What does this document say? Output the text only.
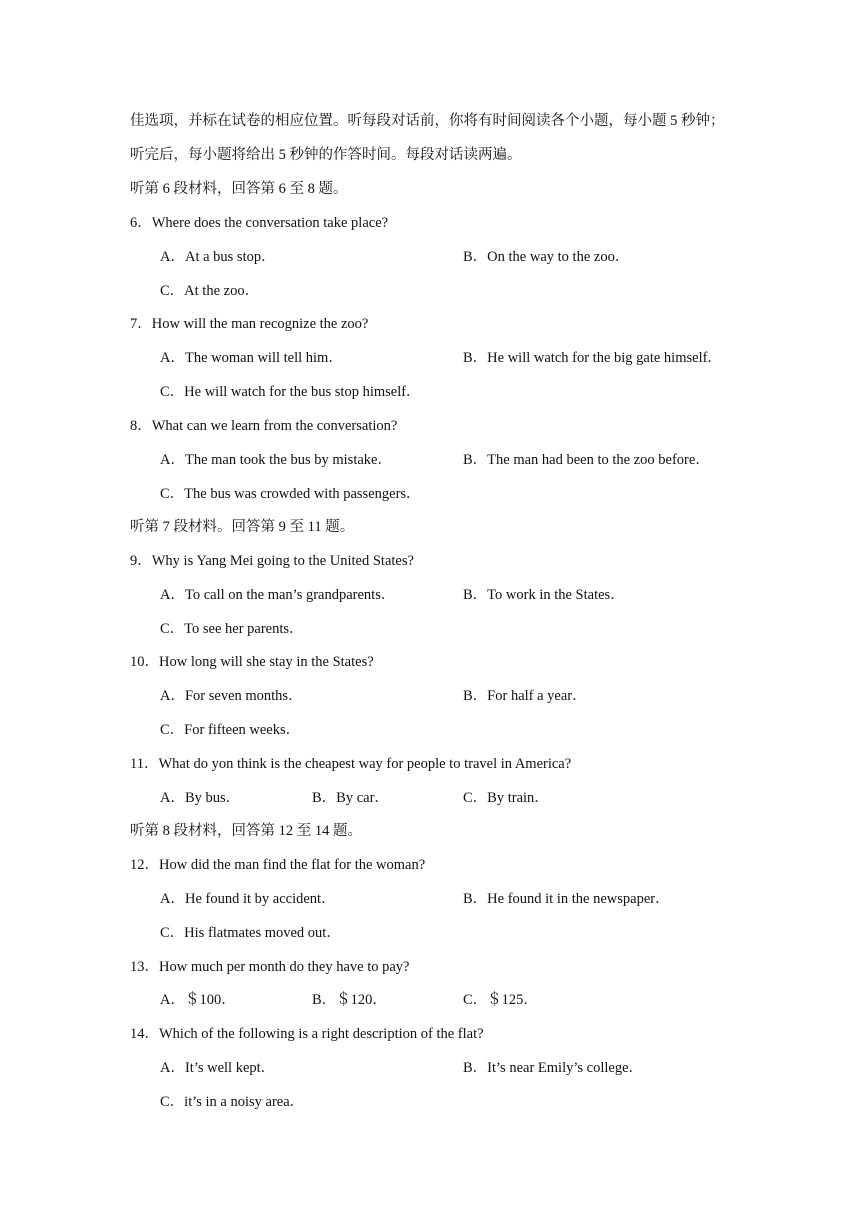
佳选项，并标在试卷的相应位置。听每段对话前，你将有时间阅读各个小题，每小题 5 秒钟；
听完后，每小题将给出 5 秒钟的作答时间。每段对话读两遍。
听第 6 段材料，回答第 6 至 8 题。
6．Where does the conversation take place?
A．At a bus stop．	B．On the way to the zoo．
C．At the zoo．
7．How will the man recognize the zoo?
A．The woman will tell him．	B．He will watch for the big gate himself．
C．He will watch for the bus stop himself．
8．What can we learn from the conversation?
A．The man took the bus by mistake．	B．The man had been to the zoo before．
C．The bus was crowded with passengers．
听第 7 段材料。回答第 9 至 11 题。
9．Why is Yang Mei going to the United States?
A．To call on the man’s grandparents．	B．To work in the States．
C．To see her parents．
10．How long will she stay in the States?
A．For seven months．	B．For half a year．
C．For fifteen weeks．
11．What do yon think is the cheapest way for people to travel in America?
A．By bus．	B．By car．	C．By train．
听第 8 段材料，回答第 12 至 14 题。
12．How did the man find the flat for the woman?
A．He found it by accident．	B．He found it in the newspaper．
C．His flatmates moved out．
13．How much per month do they have to pay?
A．＄100．	B．＄120．	C．＄125．
14．Which of the following is a right description of the flat?
A．It’s well kept．	B．It’s near Emily’s college．
C．it’s in a noisy area．
